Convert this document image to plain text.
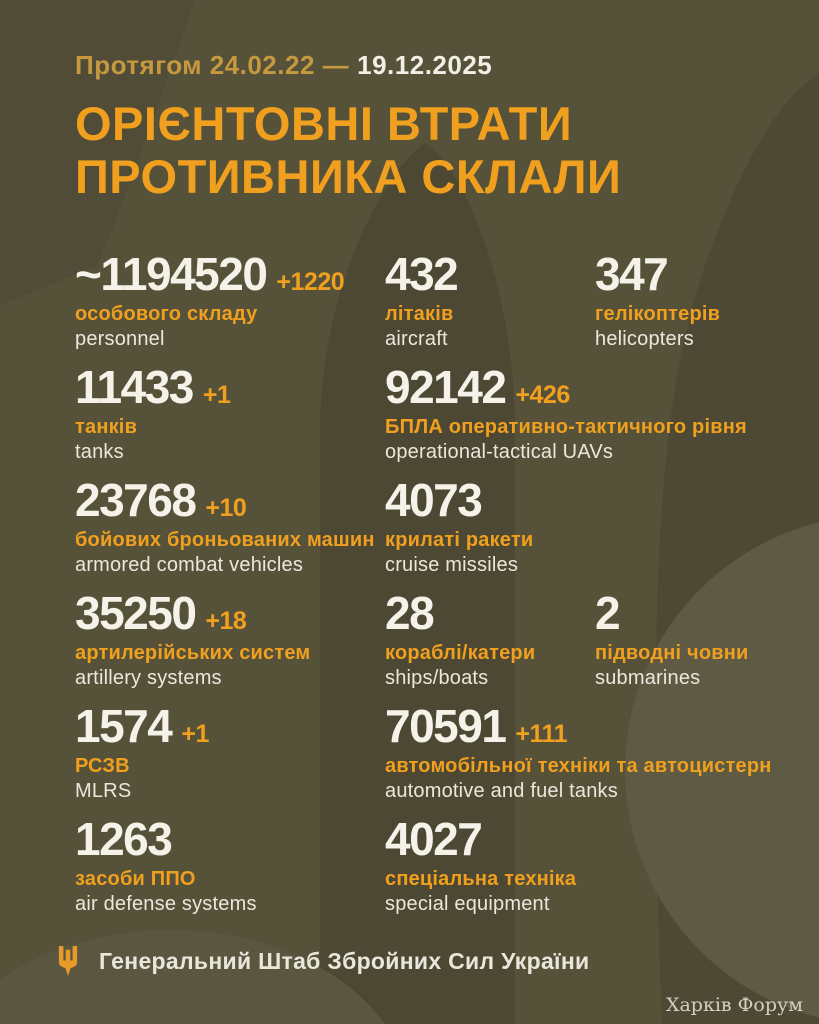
Протягом 24.02.22 — 19.12.2025
ОРІЄНТОВНІ ВТРАТИ
ПРОТИВНИКА СКЛАЛИ
~1194520 +1220
особового складу
personnel
432
літаків
aircraft
347
гелікоптерів
helicopters
11433 +1
танків
tanks
92142 +426
БПЛА оперативно-тактичного рівня
operational-tactical UAVs
23768 +10
бойових броньованих машин
armored combat vehicles
4073
крилаті ракети
cruise missiles
35250 +18
артилерійських систем
artillery systems
28
кораблі/катери
ships/boats
2
підводні човни
submarines
1574 +1
РСЗВ
MLRS
70591 +111
автомобільної техніки та автоцистерн
automotive and fuel tanks
1263
засоби ППО
air defense systems
4027
спеціальна техніка
special equipment
Генеральний Штаб Збройних Сил України
Харків Форум
